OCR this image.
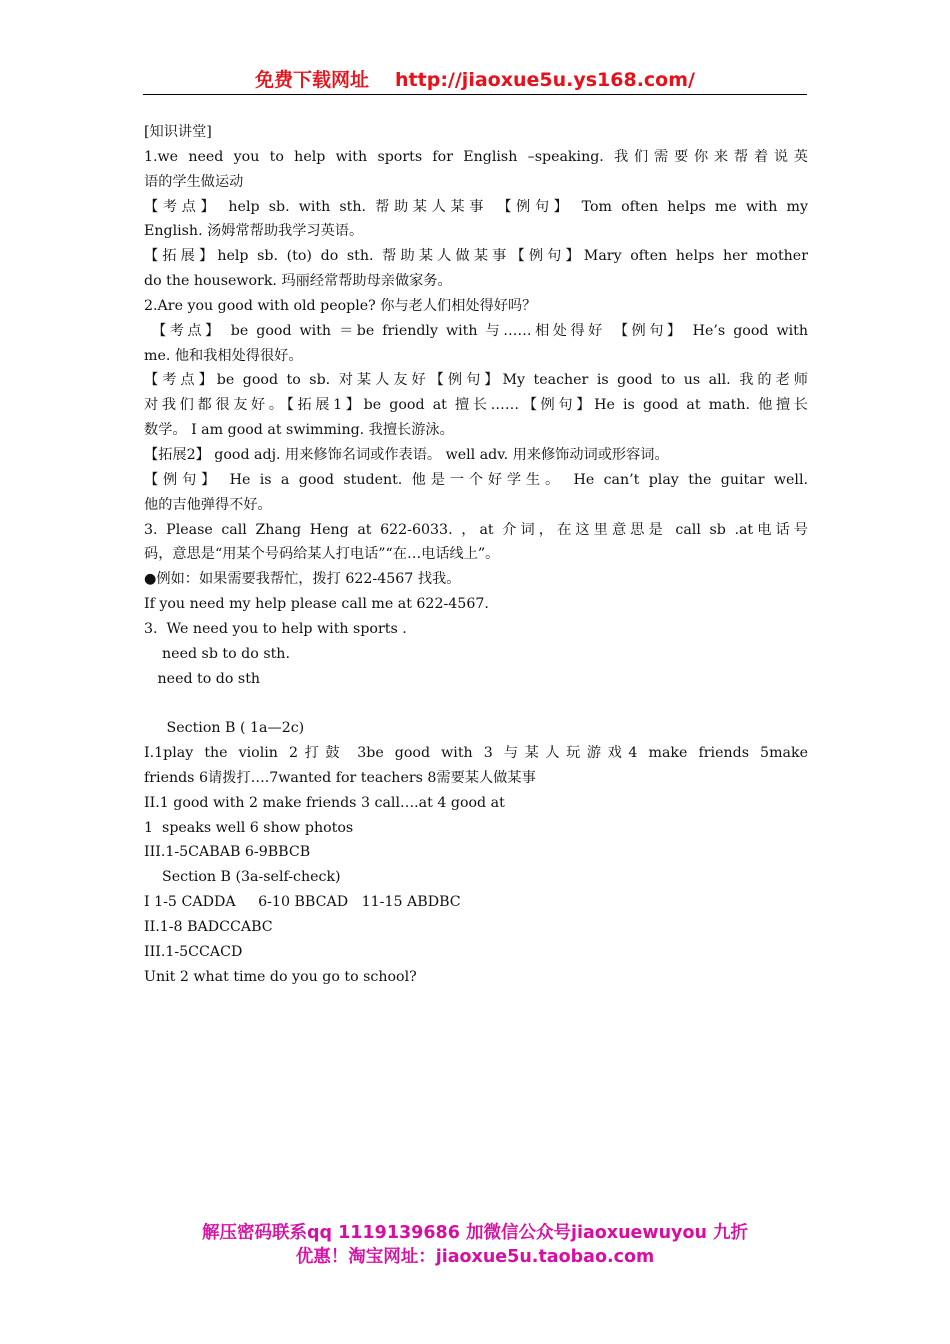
免费下载网址 http://jiaoxue5u.ys168.com/
[知识讲堂]
1.we need you to help with sports for English –speaking. 我们需要你来帮着说英
语的学生做运动
【考点】 help sb. with sth. 帮助某人某事 【例句】 Tom often helps me with my
English. 汤姆常帮助我学习英语。
【拓展】help sb. (to) do sth. 帮助某人做某事【例句】Mary often helps her mother
do the housework. 玛丽经常帮助母亲做家务。
2.Are you good with old people? 你与老人们相处得好吗？
【考点】 be good with ＝be friendly with 与……相处得好 【例句】 He’s good with
me. 他和我相处得很好。
【考点】be good to sb. 对某人友好【例句】My teacher is good to us all. 我的老师
对我们都很友好。【拓展1】be good at 擅长……【例句】He is good at math. 他擅长
数学。 I am good at swimming. 我擅长游泳。
【拓展2】 good adj. 用来修饰名词或作表语。 well adv. 用来修饰动词或形容词。
【例句】 He is a good student. 他是一个好学生。 He can’t play the guitar well.
他的吉他弹得不好。
3. Please call Zhang Heng at 622-6033. ，at 介词，在这里意思是 call sb .at电话号
码，意思是“用某个号码给某人打电话”“在…电话线上”。
●例如：如果需要我帮忙，拨打 622-4567 找我。
If you need my help please call me at 622-4567.
3.  We need you to help with sports .
need sb to do sth.
need to do sth
Section B ( 1a—2c)
I.1play the violin 2打鼓 3be good with 3 与某人玩游戏4 make friends 5make
friends 6请拨打….7wanted for teachers 8需要某人做某事
II.1 good with 2 make friends 3 call….at 4 good at
1  speaks well 6 show photos
III.1-5CABAB 6-9BBCB
Section B (3a-self-check)
I 1-5 CADDA     6-10 BBCAD   11-15 ABDBC
II.1-8 BADCCABC
III.1-5CCACD
Unit 2 what time do you go to school?
解压密码联系qq 1119139686 加微信公众号jiaoxuewuyou 九折
优惠！淘宝网址：jiaoxue5u.taobao.com
